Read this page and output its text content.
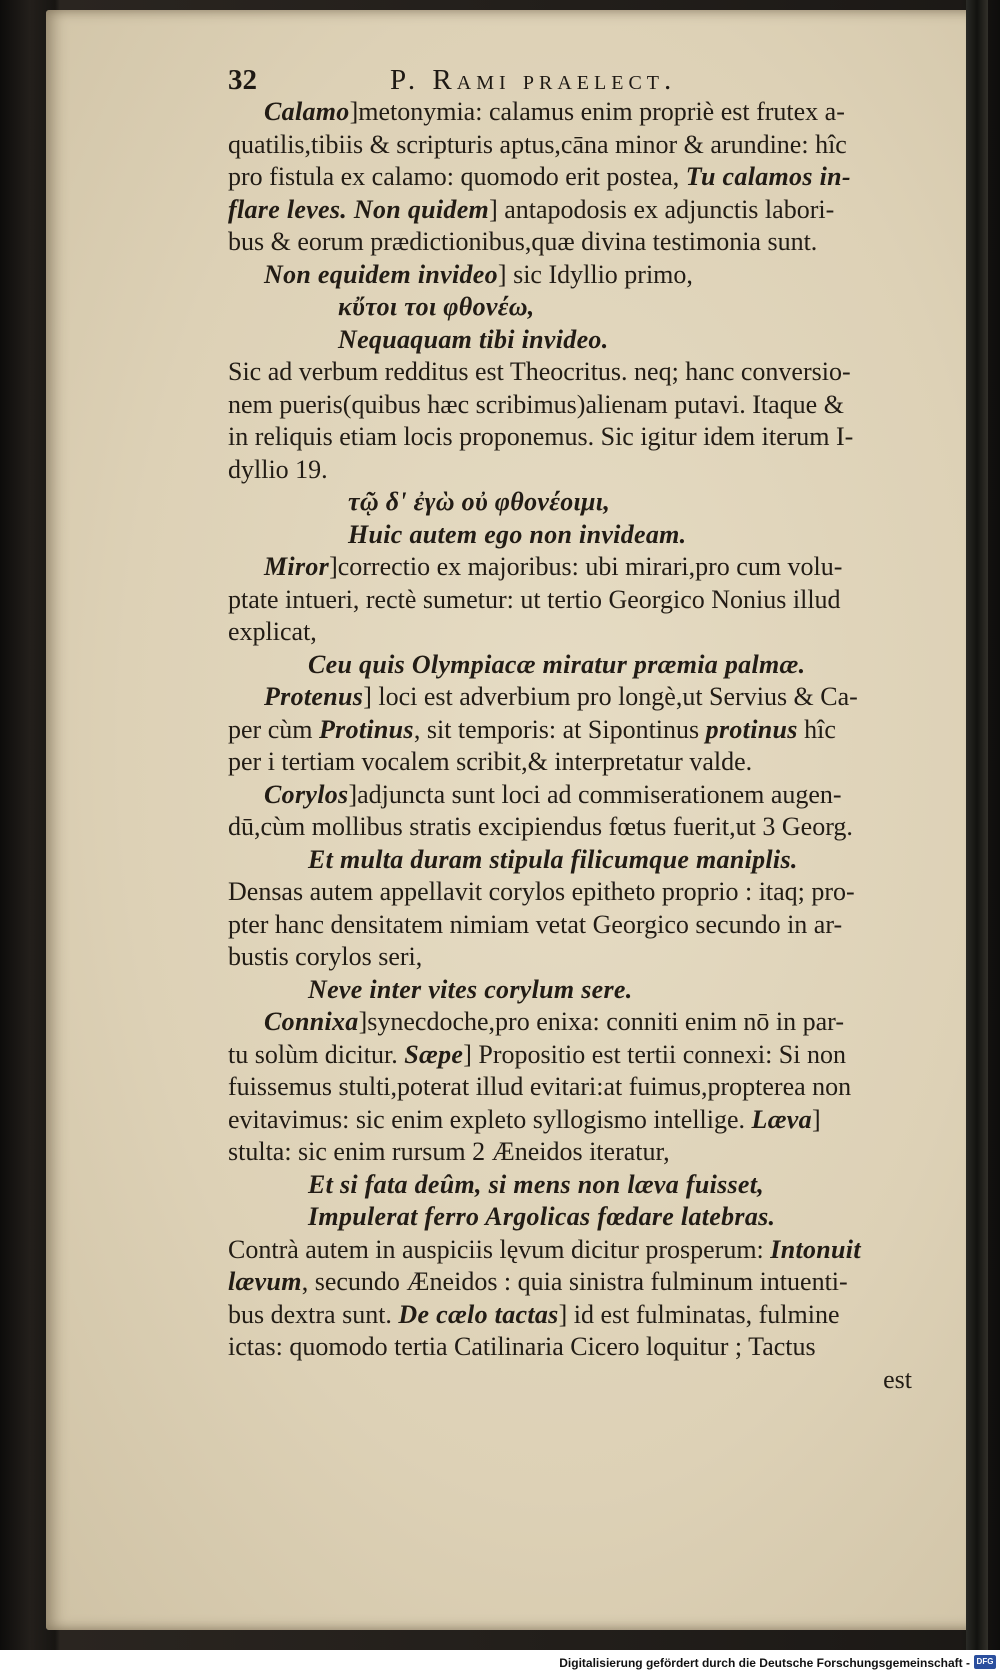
32	P. Rami praelect.
Calamo]metonymia: calamus enim propriè est frutex a-
quatilis,tibiis & scripturis aptus,cāna minor & arundine: hîc
pro fistula ex calamo: quomodo erit postea, Tu calamos in-
flare leves. Non quidem] antapodosis ex adjunctis labori-
bus & eorum prædictionibus,quæ divina testimonia sunt.
Non equidem invideo] sic Idyllio primo,
κὔτοι τοι φθονέω,
Nequaquam tibi invideo.
Sic ad verbum redditus est Theocritus. neq; hanc conversio-
nem pueris(quibus hæc scribimus)alienam putavi. Itaque &
in reliquis etiam locis proponemus. Sic igitur idem iterum I-
dyllio 19.
τῷ δ' ἐγὼ οὐ φθονέοιμι,
Huic autem ego non invideam.
Miror]correctio ex majoribus: ubi mirari,pro cum volu-
ptate intueri, rectè sumetur: ut tertio Georgico Nonius illud
explicat,
Ceu quis Olympiacæ miratur præmia palmæ.
Protenus] loci est adverbium pro longè,ut Servius & Ca-
per cùm Protinus, sit temporis: at Sipontinus protinus hîc
per i tertiam vocalem scribit,& interpretatur valde.
Corylos]adjuncta sunt loci ad commiserationem augen-
dū,cùm mollibus stratis excipiendus fœtus fuerit,ut 3 Georg.
Et multa duram stipula filicumque maniplis.
Densas autem appellavit corylos epitheto proprio : itaq; pro-
pter hanc densitatem nimiam vetat Georgico secundo in ar-
bustis corylos seri,
Neve inter vites corylum sere.
Connixa]synecdoche,pro enixa: conniti enim nō in par-
tu solùm dicitur. Sæpe] Propositio est tertii connexi: Si non
fuissemus stulti,poterat illud evitari:at fuimus,propterea non
evitavimus: sic enim expleto syllogismo intellige. Læva]
stulta: sic enim rursum 2 Æneidos iteratur,
Et si fata deûm, si mens non læva fuisset,
Impulerat ferro Argolicas fœdare latebras.
Contrà autem in auspiciis lęvum dicitur prosperum: Intonuit
lævum, secundo Æneidos : quia sinistra fulminum intuenti-
bus dextra sunt. De cælo tactas] id est fulminatas, fulmine
ictas: quomodo tertia Catilinaria Cicero loquitur ; Tactus
est
Digitalisierung gefördert durch die Deutsche Forschungsgemeinschaft - DFG
